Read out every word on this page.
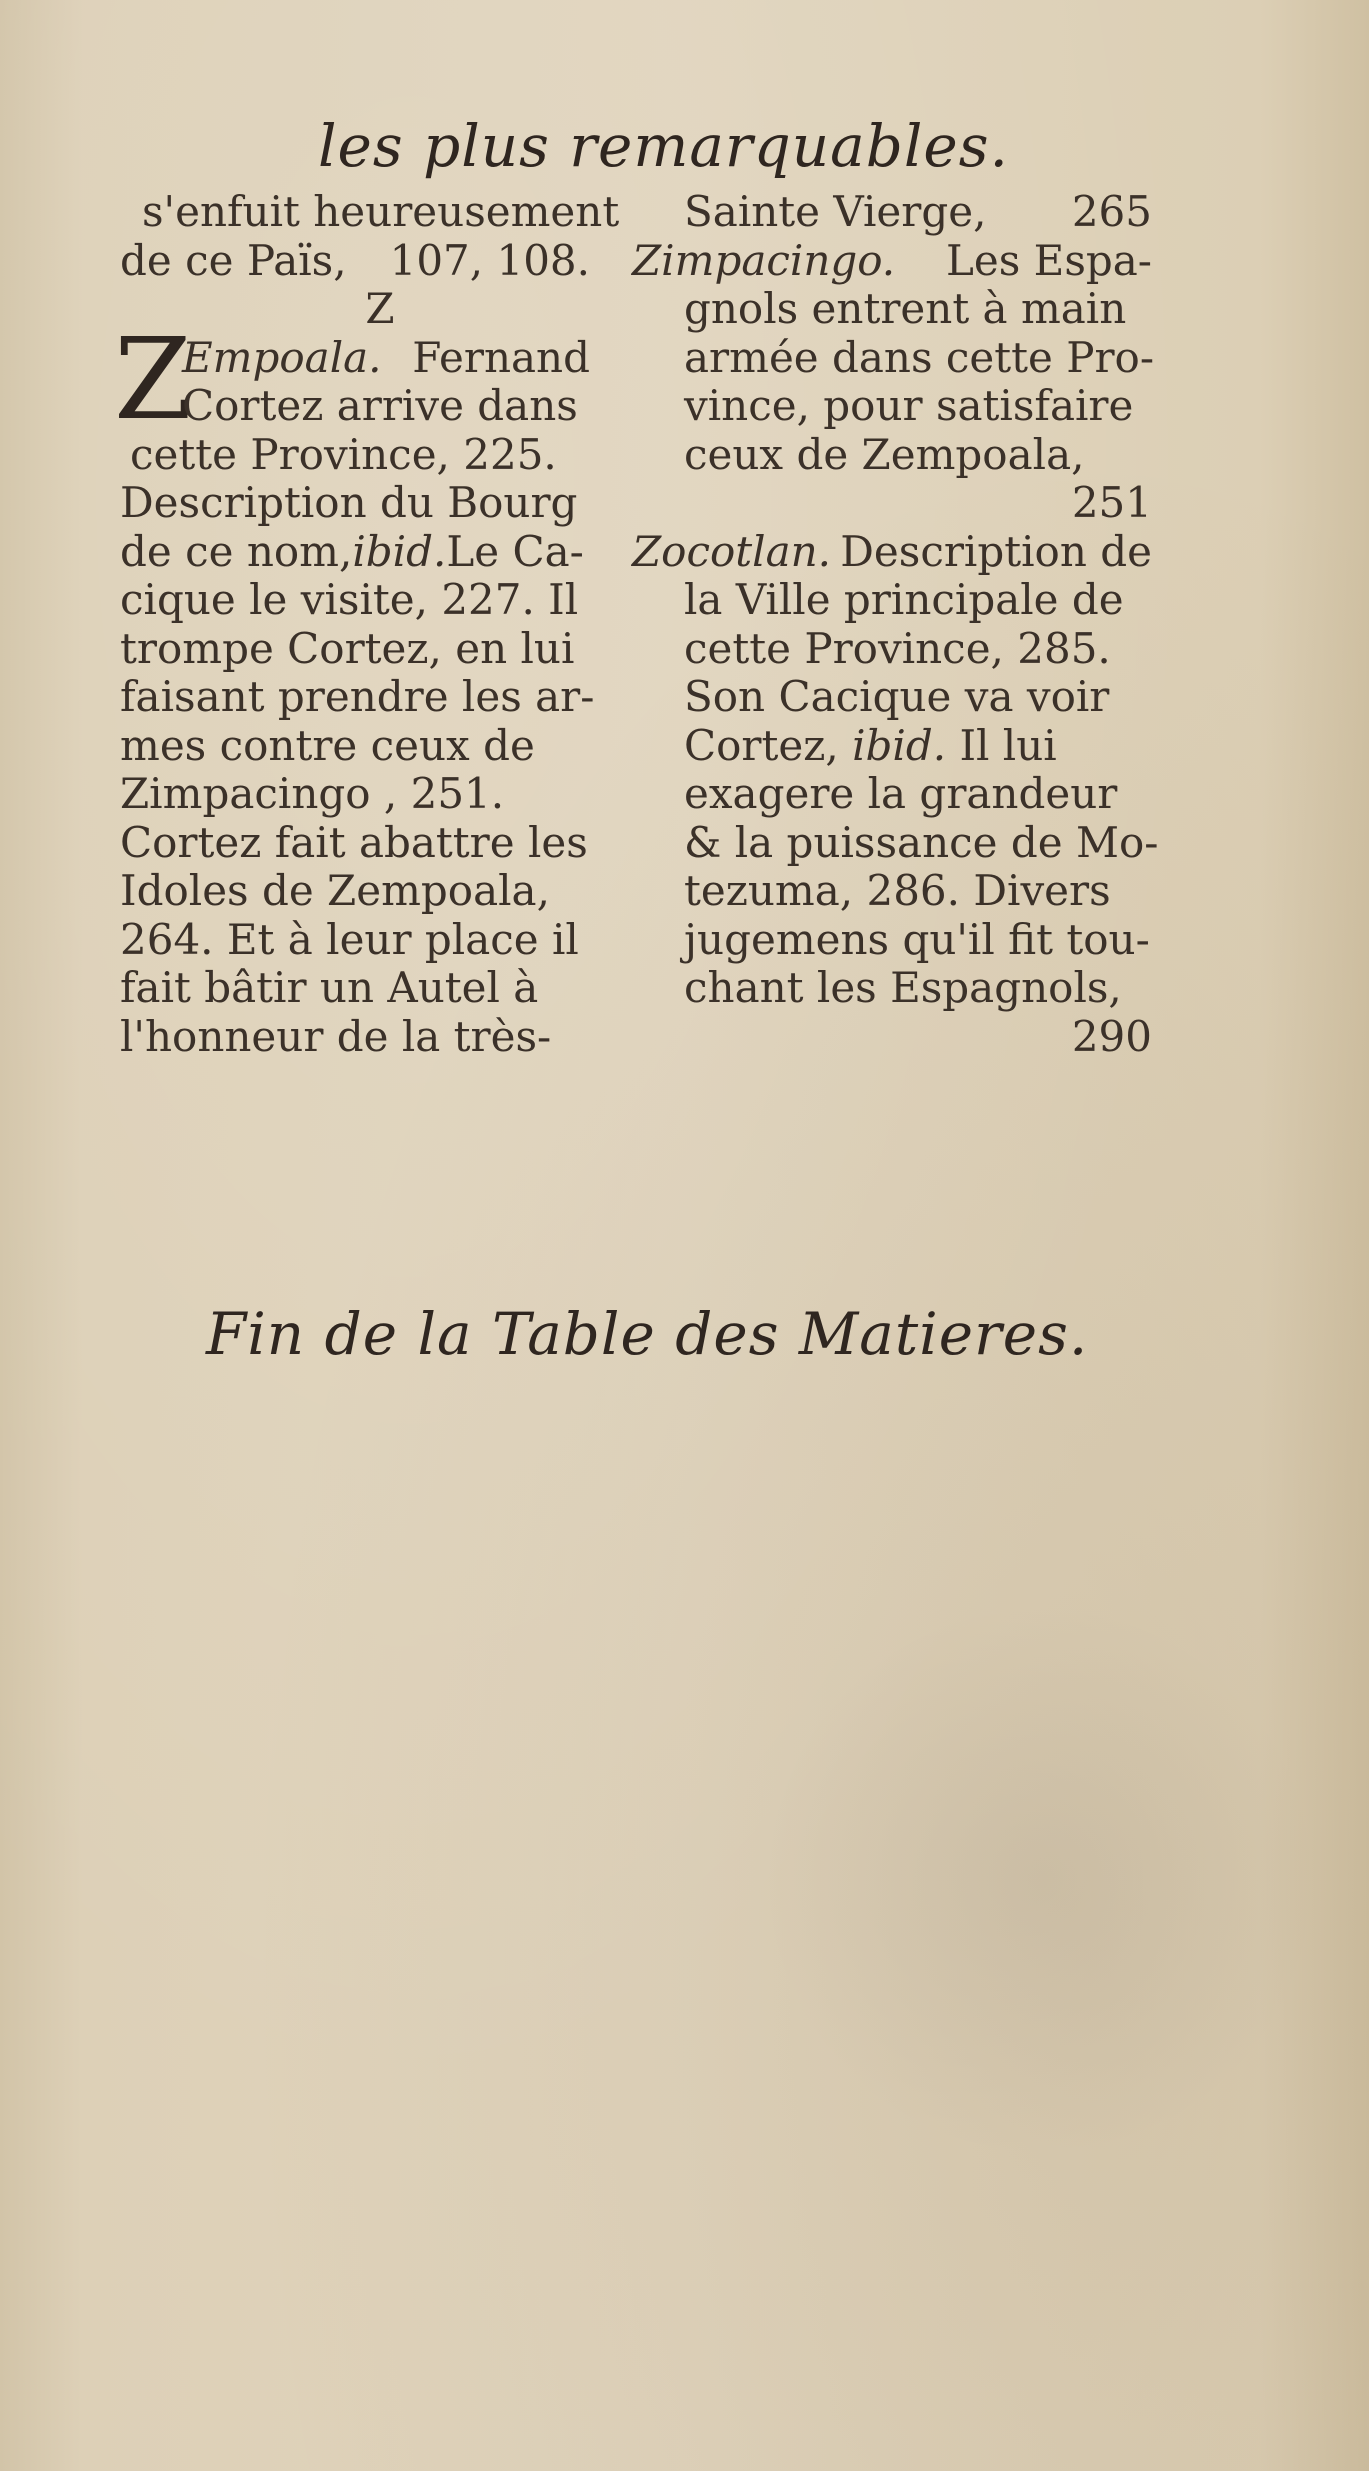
les plus remarquables.
s'enfuit heureusement
de ce Païs, 107, 108.
Z
Z
Empoala. Fernand
Cortez arrive dans
cette Province, 225.
Description du Bourg
de ce nom,ibid.Le Ca-
cique le visite, 227. Il
trompe Cortez, en lui
faisant prendre les ar-
mes contre ceux de
Zimpacingo , 251.
Cortez fait abattre les
Idoles de Zempoala,
264. Et à leur place il
fait bâtir un Autel à
l'honneur de la très-
Sainte Vierge, 265
Zimpacingo. Les Espa-
gnols entrent à main
armée dans cette Pro-
vince, pour satisfaire
ceux de Zempoala,
251
Zocotlan. Description de
la Ville principale de
cette Province, 285.
Son Cacique va voir
Cortez, ibid. Il lui
exagere la grandeur
& la puissance de Mo-
tezuma, 286. Divers
jugemens qu'il fit tou-
chant les Espagnols,
290
Fin de la Table des Matieres.
